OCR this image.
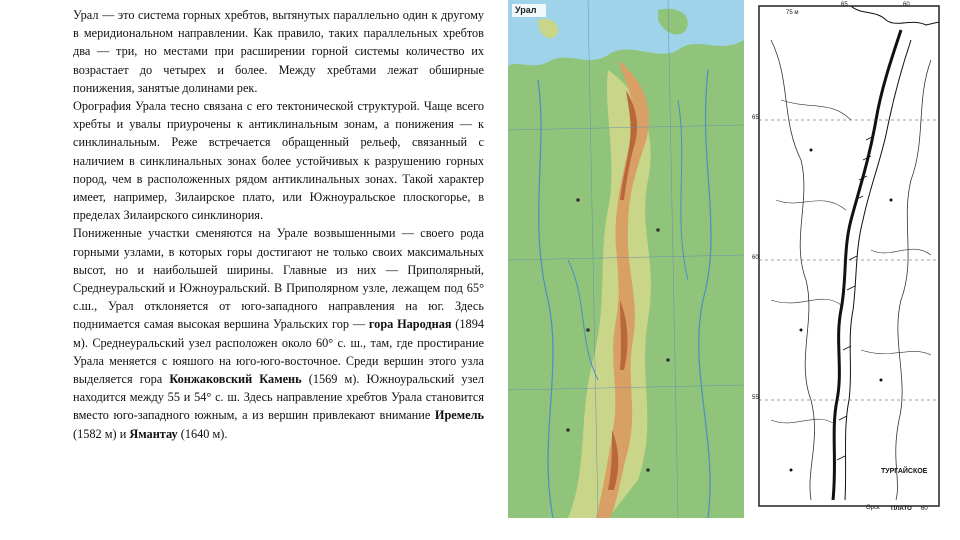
Урал — это система горных хребтов, вытянутых параллельно один к другому в меридиональном направлении. Как правило, таких параллельных хребтов два — три, но местами при расширении горной системы количество их возрастает до четырех и более. Между хребтами лежат обширные понижения, занятые долинами рек.

Орография Урала тесно связана с его тектонической структурой. Чаще всего хребты и увалы приурочены к антиклинальным зонам, а понижения — к синклинальным. Реже встречается обращенный рельеф, связанный с наличием в синклинальных зонах более устойчивых к разрушению горных пород, чем в расположенных рядом антиклинальных зонах. Такой характер имеет, например, Зилаирское плато, или Южноуральское плоскогорье, в пределах Зилаирского синклинория.

Пониженные участки сменяются на Урале возвышенными — своего рода горными узлами, в которых горы достигают не только своих максимальных высот, но и наибольшей ширины. Главные из них — Приполярный, Среднеуральский и Южноуральский. В Приполярном узле, лежащем под 65° с.ш., Урал отклоняется от юго-западного направления на юг. Здесь поднимается самая высокая вершина Уральских гор — гора Народная (1894 м). Среднеуральский узел расположен около 60° с. ш., там, где простирание Урала меняется с юяшого на юго-юго-восточное. Среди вершин этого узла выделяется гора Конжаковский Камень (1569 м). Южноуральский узел находится между 55 и 54° с. ш. Здесь направление хребтов Урала становится вместо юго-западного южным, а из вершин привлекают внимание Иремель (1582 м) и Ямантау (1640 м).

Урал	75 м
65	60
65
60
55
ТУРГАЙСКОЕ
Орск ПЛАТО 60
